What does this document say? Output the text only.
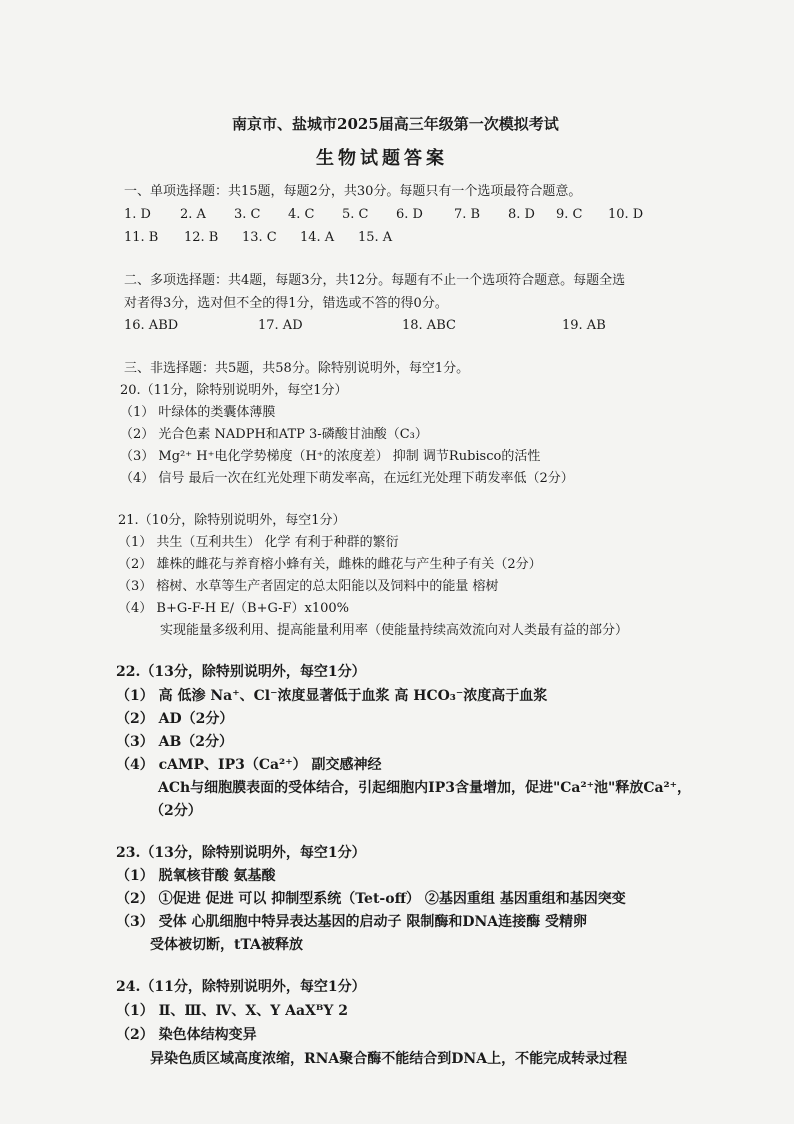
南京市、盐城市2025届高三年级第一次模拟考试
生物试题答案
一、单项选择题：共15题，每题2分，共30分。每题只有一个选项最符合题意。
1. D 2. A 3. C 4. C 5. C 6. D 7. B 8. D 9. C 10. D
11. B 12. B 13. C 14. A 15. A
二、多项选择题：共4题，每题3分，共12分。每题有不止一个选项符合题意。每题全选
对者得3分，选对但不全的得1分，错选或不答的得0分。
16. ABD	17. AD	18. ABC	19. AB
三、非选择题：共5题，共58分。除特别说明外，每空1分。
20.（11分，除特别说明外，每空1分）
（1） 叶绿体的类囊体薄膜
（2） 光合色素 NADPH和ATP 3-磷酸甘油酸（C₃）
（3） Mg²⁺ H⁺电化学势梯度（H⁺的浓度差） 抑制 调节Rubisco的活性
（4） 信号 最后一次在红光处理下萌发率高，在远红光处理下萌发率低（2分）
21.（10分，除特别说明外，每空1分）
（1） 共生（互利共生） 化学 有利于种群的繁衍
（2） 雄株的雌花与养育榕小蜂有关，雌株的雌花与产生种子有关（2分）
（3） 榕树、水草等生产者固定的总太阳能以及饲料中的能量 榕树
（4） B+G-F-H E/（B+G-F）x100%
实现能量多级利用、提高能量利用率（使能量持续高效流向对人类最有益的部分）
22.（13分，除特别说明外，每空1分）
（1） 高 低渗 Na⁺、Cl⁻浓度显著低于血浆 高 HCO₃⁻浓度高于血浆
（2） AD（2分）
（3） AB（2分）
（4） cAMP、IP3（Ca²⁺） 副交感神经
ACh与细胞膜表面的受体结合，引起细胞内IP3含量增加，促进"Ca²⁺池"释放Ca²⁺，
（2分）
23.（13分，除特别说明外，每空1分）
（1） 脱氧核苷酸 氨基酸
（2） ①促进 促进 可以 抑制型系统（Tet-off） ②基因重组 基因重组和基因突变
（3） 受体 心肌细胞中特异表达基因的启动子 限制酶和DNA连接酶 受精卵
受体被切断，tTA被释放
24.（11分，除特别说明外，每空1分）
（1） Ⅱ、Ⅲ、Ⅳ、X、Y AaXᴮY 2
（2） 染色体结构变异
异染色质区域高度浓缩，RNA聚合酶不能结合到DNA上，不能完成转录过程
